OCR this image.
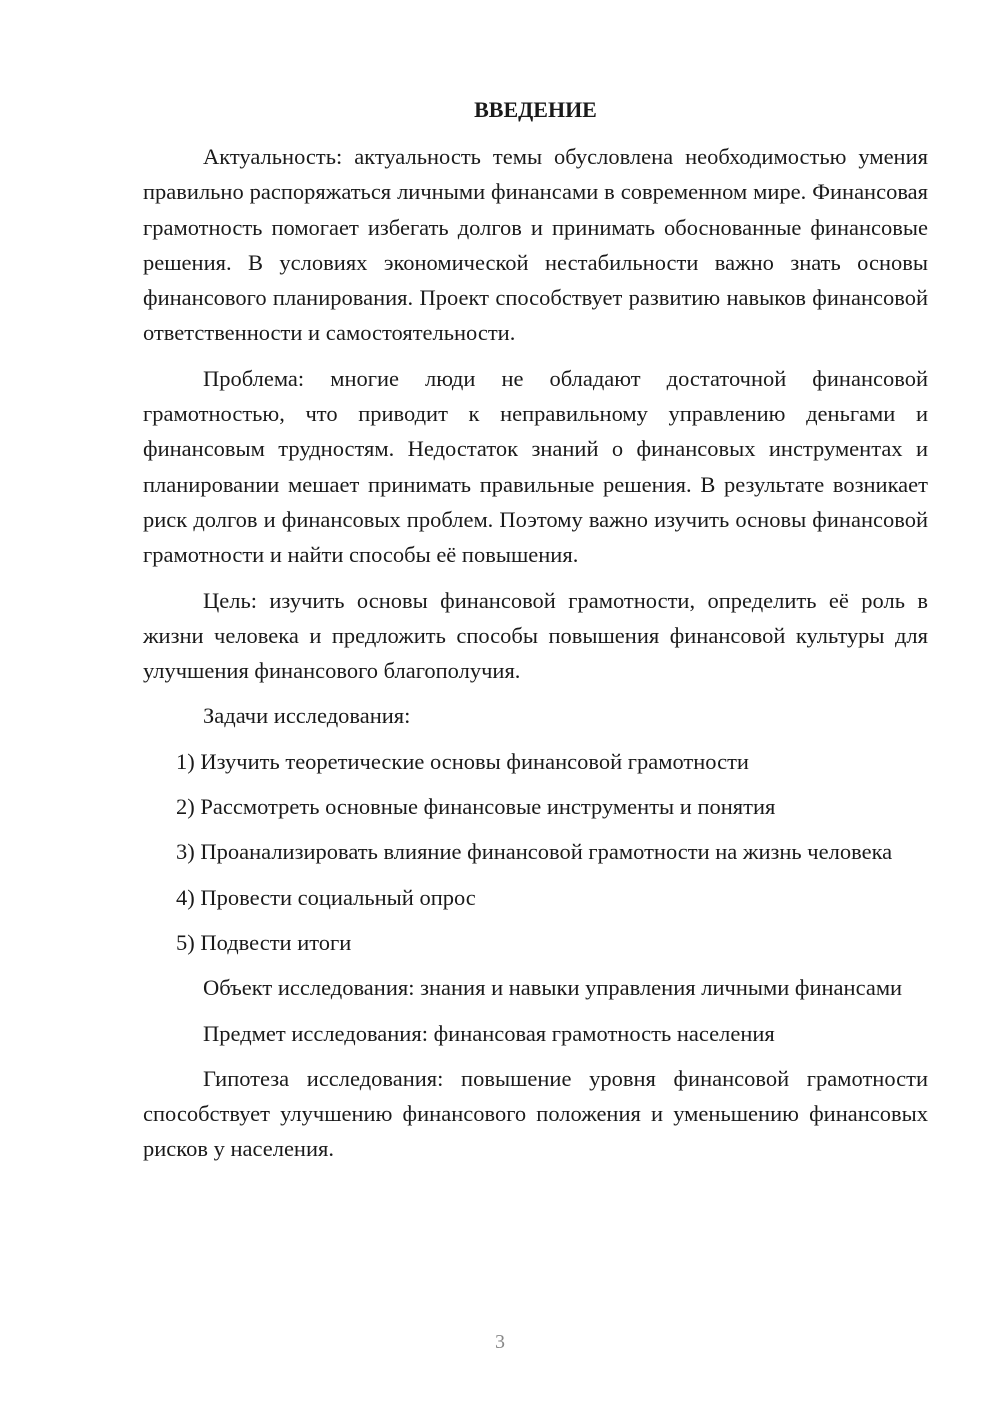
ВВЕДЕНИЕ

Актуальность: актуальность темы обусловлена необходимостью умения правильно распоряжаться личными финансами в современном мире. Финансовая грамотность помогает избегать долгов и принимать обоснованные финансовые решения. В условиях экономической нестабильности важно знать основы финансового планирования. Проект способствует развитию навыков финансовой ответственности и самостоятельности.

Проблема: многие люди не обладают достаточной финансовой грамотностью, что приводит к неправильному управлению деньгами и финансовым трудностям. Недостаток знаний о финансовых инструментах и планировании мешает принимать правильные решения. В результате возникает риск долгов и финансовых проблем. Поэтому важно изучить основы финансовой грамотности и найти способы её повышения.

Цель: изучить основы финансовой грамотности, определить её роль в жизни человека и предложить способы повышения финансовой культуры для улучшения финансового благополучия.

Задачи исследования:

1) Изучить теоретические основы финансовой грамотности

2) Рассмотреть основные финансовые инструменты и понятия

3) Проанализировать влияние финансовой грамотности на жизнь человека

4) Провести социальный опрос

5) Подвести итоги

Объект исследования: знания и навыки управления личными финансами

Предмет исследования: финансовая грамотность населения

Гипотеза исследования: повышение уровня финансовой грамотности способствует улучшению финансового положения и уменьшению финансовых рисков у населения.

3
